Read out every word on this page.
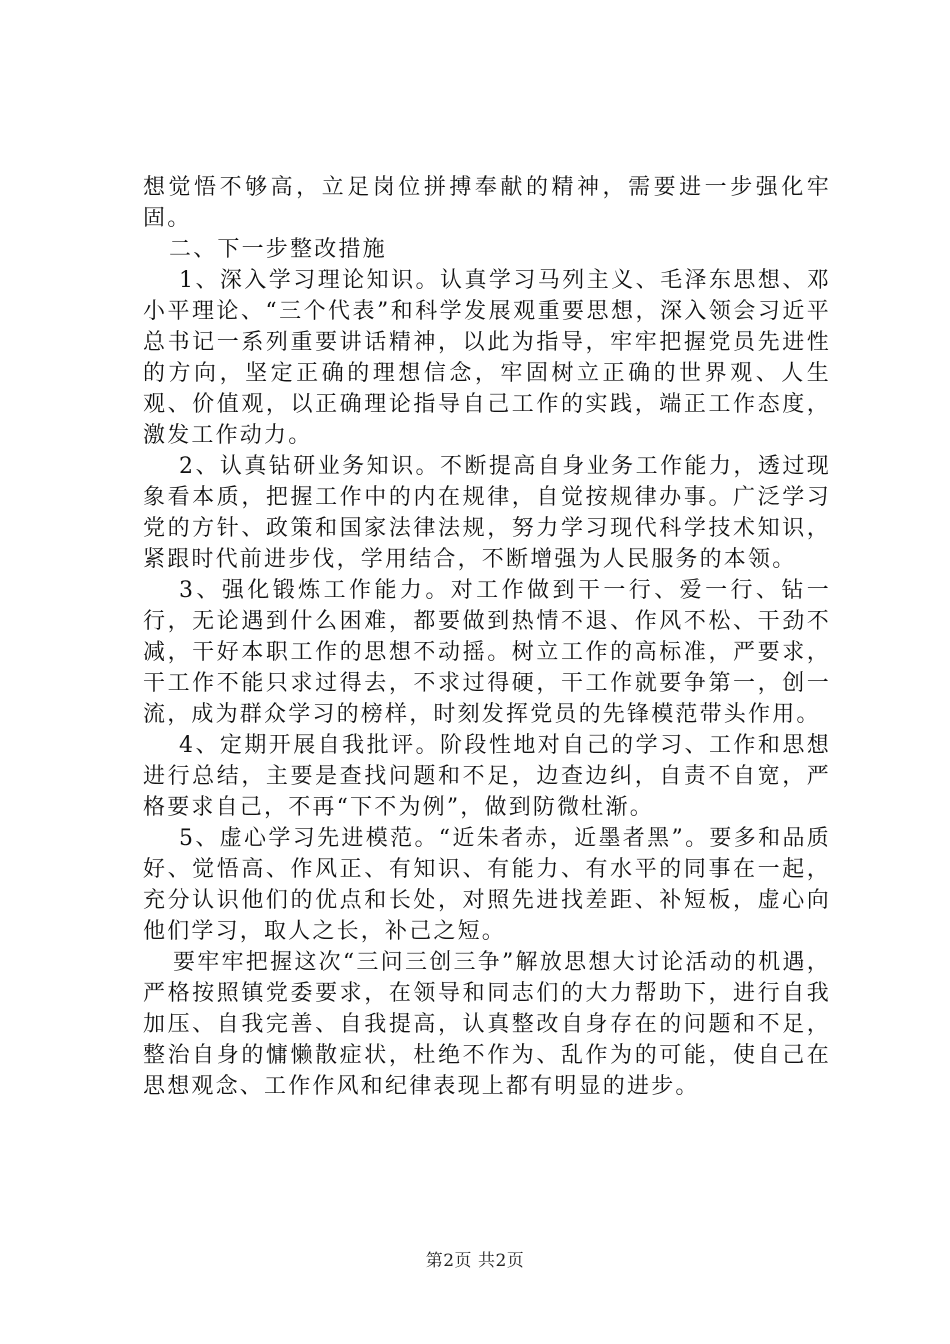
想觉悟不够高，立足岗位拼搏奉献的精神，需要进一步强化牢固。

二、下一步整改措施

1、深入学习理论知识。认真学习马列主义、毛泽东思想、邓小平理论、“三个代表”和科学发展观重要思想，深入领会习近平总书记一系列重要讲话精神，以此为指导，牢牢把握党员先进性的方向，坚定正确的理想信念，牢固树立正确的世界观、人生观、价值观，以正确理论指导自己工作的实践，端正工作态度，激发工作动力。

2、认真钻研业务知识。不断提高自身业务工作能力，透过现象看本质，把握工作中的内在规律，自觉按规律办事。广泛学习党的方针、政策和国家法律法规，努力学习现代科学技术知识，紧跟时代前进步伐，学用结合，不断增强为人民服务的本领。

3、强化锻炼工作能力。对工作做到干一行、爱一行、钻一行，无论遇到什么困难，都要做到热情不退、作风不松、干劲不减，干好本职工作的思想不动摇。树立工作的高标准，严要求，干工作不能只求过得去，不求过得硬，干工作就要争第一，创一流，成为群众学习的榜样，时刻发挥党员的先锋模范带头作用。

4、定期开展自我批评。阶段性地对自己的学习、工作和思想进行总结，主要是查找问题和不足，边查边纠，自责不自宽，严格要求自己，不再“下不为例”，做到防微杜渐。

5、虚心学习先进模范。“近朱者赤，近墨者黑”。要多和品质好、觉悟高、作风正、有知识、有能力、有水平的同事在一起，充分认识他们的优点和长处，对照先进找差距、补短板，虚心向他们学习，取人之长，补己之短。

要牢牢把握这次“三问三创三争”解放思想大讨论活动的机遇，严格按照镇党委要求，在领导和同志们的大力帮助下，进行自我加压、自我完善、自我提高，认真整改自身存在的问题和不足，整治自身的慵懒散症状，杜绝不作为、乱作为的可能，使自己在思想观念、工作作风和纪律表现上都有明显的进步。

第2页 共2页
